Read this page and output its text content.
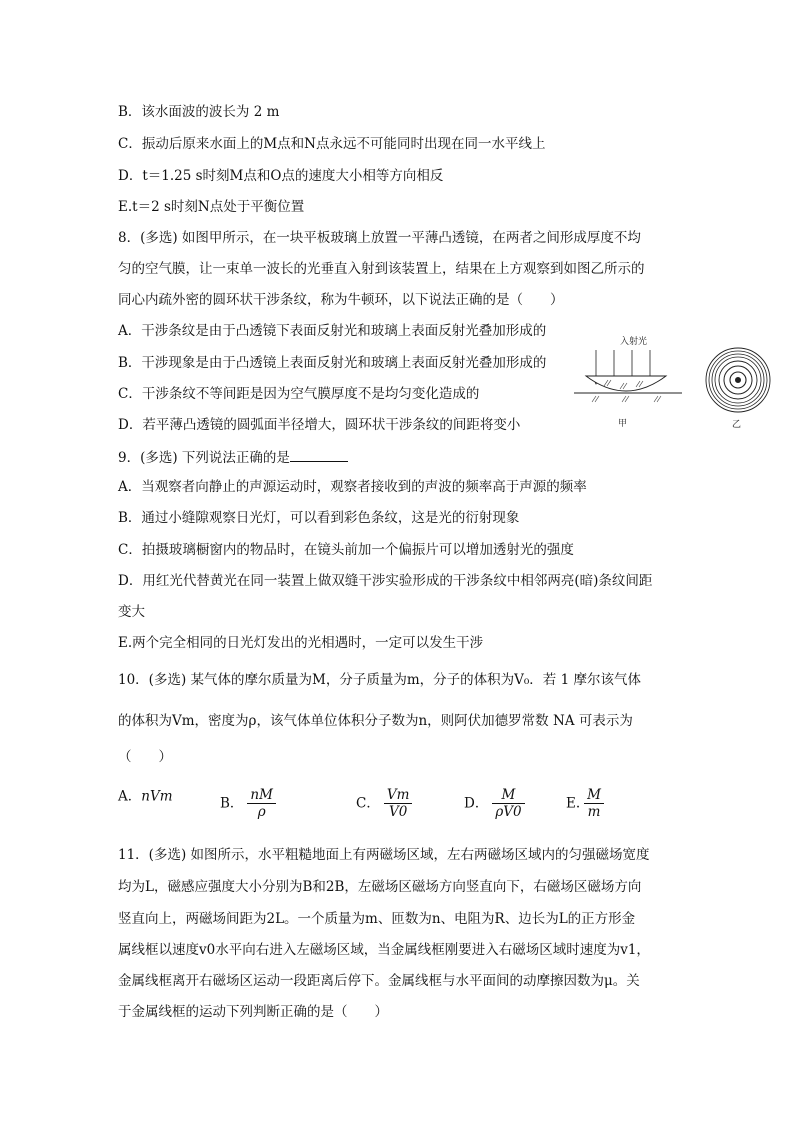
B．该水面波的波长为 2 m
C．振动后原来水面上的M点和N点永远不可能同时出现在同一水平线上
D．t＝1.25 s时刻M点和O点的速度大小相等方向相反
E.t＝2 s时刻N点处于平衡位置
8．(多选) 如图甲所示，在一块平板玻璃上放置一平薄凸透镜，在两者之间形成厚度不均
匀的空气膜，让一束单一波长的光垂直入射到该装置上，结果在上方观察到如图乙所示的
同心内疏外密的圆环状干涉条纹，称为牛顿环，以下说法正确的是（　　）
A．干涉条纹是由于凸透镜下表面反射光和玻璃上表面反射光叠加形成的
B．干涉现象是由于凸透镜上表面反射光和玻璃上表面反射光叠加形成的
C．干涉条纹不等间距是因为空气膜厚度不是均匀变化造成的
D．若平薄凸透镜的圆弧面半径增大，圆环状干涉条纹的间距将变小
入射光
甲	乙
9．(多选) 下列说法正确的是
A．当观察者向静止的声源运动时，观察者接收到的声波的频率高于声源的频率
B．通过小缝隙观察日光灯，可以看到彩色条纹，这是光的衍射现象
C．拍摄玻璃橱窗内的物品时，在镜头前加一个偏振片可以增加透射光的强度
D．用红光代替黄光在同一装置上做双缝干涉实验形成的干涉条纹中相邻两亮(暗)条纹间距
变大
E.两个完全相同的日光灯发出的光相遇时，一定可以发生干涉
10．(多选) 某气体的摩尔质量为M，分子质量为m，分子的体积为V₀．若 1 摩尔该气体
的体积为Vm，密度为ρ，该气体单位体积分子数为n，则阿伏加德罗常数 NA 可表示为
（　　）
A．nVm	B． $\frac{nM}{\rho}$	C． $\frac{Vm}{V0}$	D． $\frac{M}{\rho V0}$	E. $\frac{M}{m}$
11．(多选) 如图所示，水平粗糙地面上有两磁场区域，左右两磁场区域内的匀强磁场宽度
均为L，磁感应强度大小分别为B和2B，左磁场区磁场方向竖直向下，右磁场区磁场方向
竖直向上，两磁场间距为2L。一个质量为m、匝数为n、电阻为R、边长为L的正方形金
属线框以速度v0水平向右进入左磁场区域，当金属线框刚要进入右磁场区域时速度为v1，
金属线框离开右磁场区运动一段距离后停下。金属线框与水平面间的动摩擦因数为μ。关
于金属线框的运动下列判断正确的是（　　）
